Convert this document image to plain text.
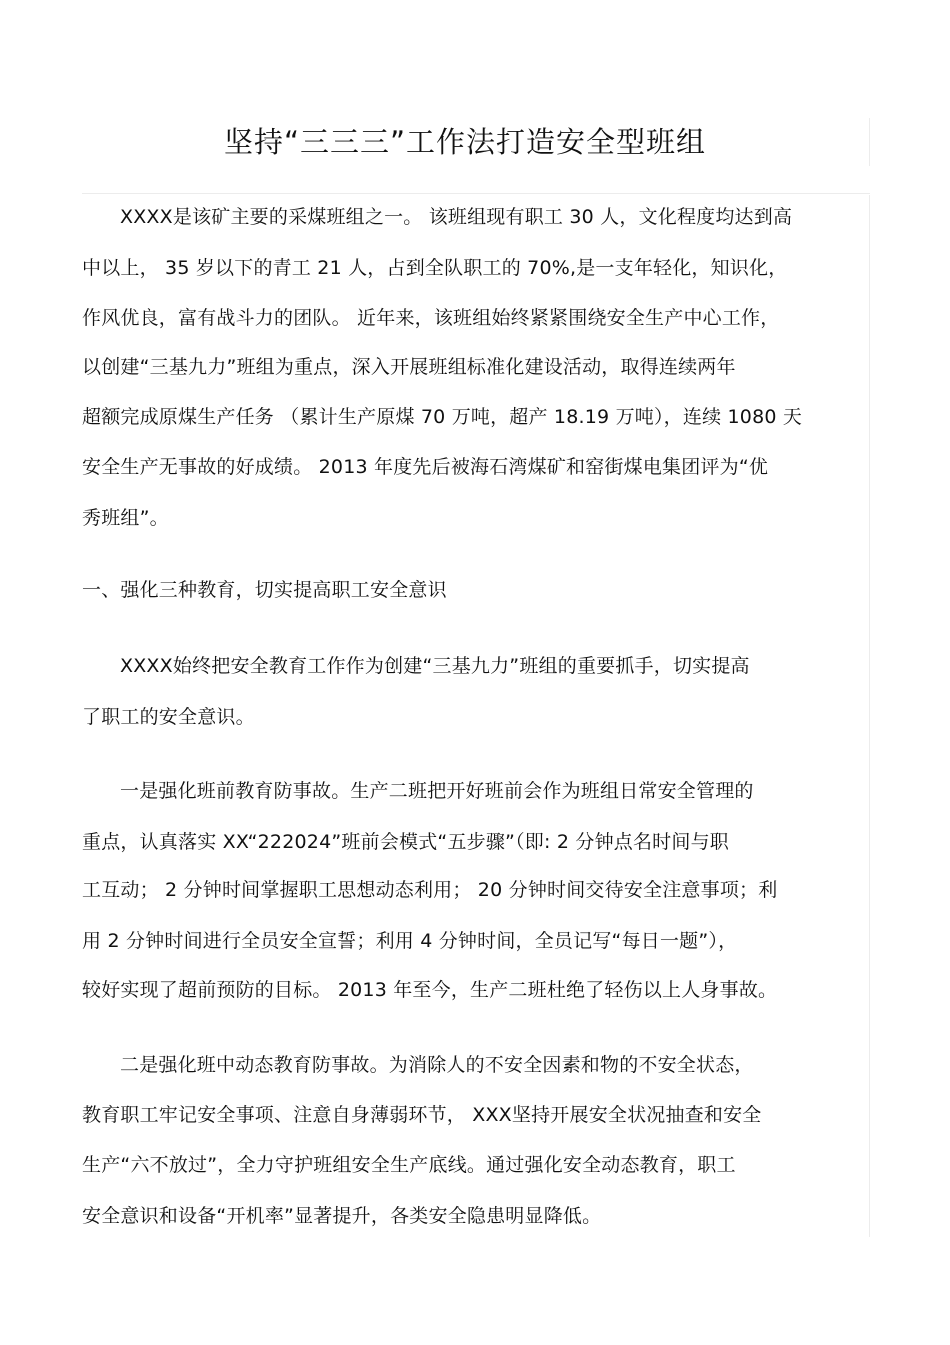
坚持“三三三”工作法打造安全型班组
XXXX是该矿主要的采煤班组之一。 该班组现有职工 30 人，文化程度均达到高
中以上， 35 岁以下的青工 21 人，占到全队职工的 70%,是一支年轻化，知识化，
作风优良，富有战斗力的团队。 近年来，该班组始终紧紧围绕安全生产中心工作，
以创建“三基九力”班组为重点，深入开展班组标准化建设活动，取得连续两年
超额完成原煤生产任务 （累计生产原煤 70 万吨，超产 18.19 万吨），连续 1080 天
安全生产无事故的好成绩。 2013 年度先后被海石湾煤矿和窑街煤电集团评为“优
秀班组”。
一、强化三种教育，切实提高职工安全意识
XXXX始终把安全教育工作作为创建“三基九力”班组的重要抓手，切实提高
了职工的安全意识。
一是强化班前教育防事故。生产二班把开好班前会作为班组日常安全管理的
重点，认真落实 XX“222024”班前会模式“五步骤”（即: 2 分钟点名时间与职
工互动； 2 分钟时间掌握职工思想动态利用； 20 分钟时间交待安全注意事项；利
用 2 分钟时间进行全员安全宣誓；利用 4 分钟时间，全员记写“每日一题”），
较好实现了超前预防的目标。 2013 年至今，生产二班杜绝了轻伤以上人身事故。
二是强化班中动态教育防事故。为消除人的不安全因素和物的不安全状态，
教育职工牢记安全事项、注意自身薄弱环节， XXX坚持开展安全状况抽查和安全
生产“六不放过”，全力守护班组安全生产底线。通过强化安全动态教育，职工
安全意识和设备“开机率”显著提升，各类安全隐患明显降低。
